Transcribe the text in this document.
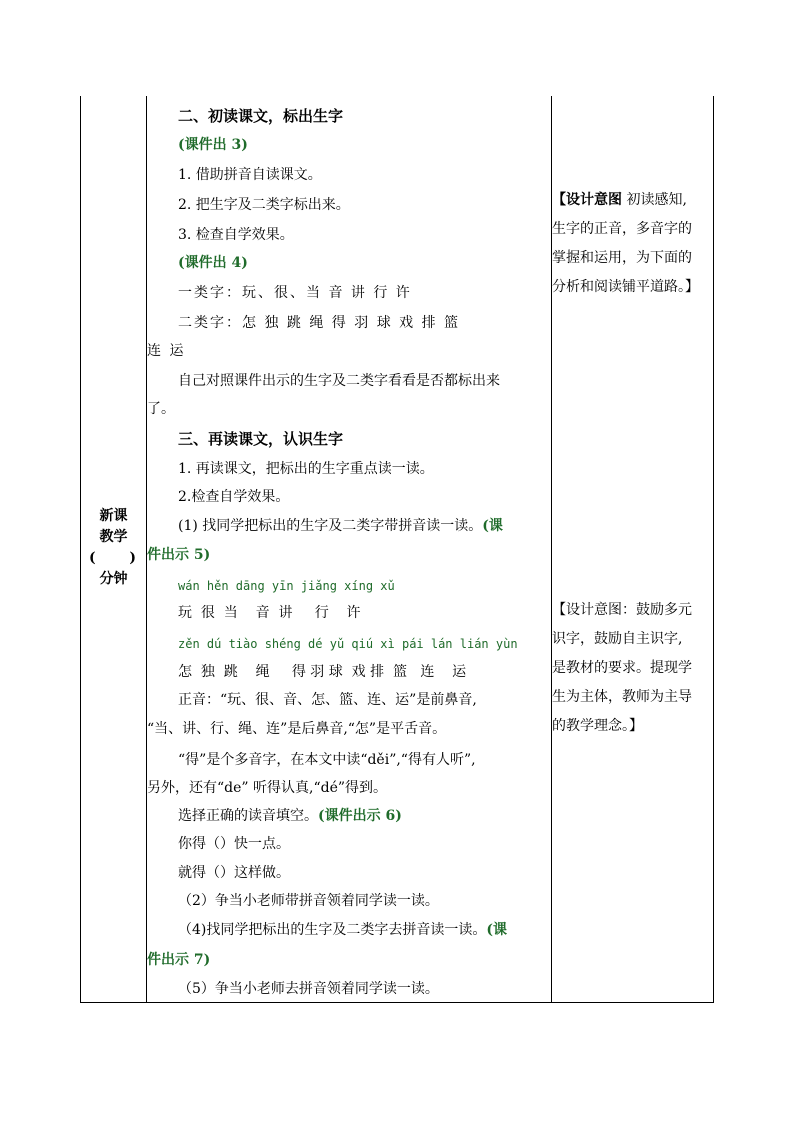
新课
教学
( )
分钟
二、初读课文，标出生字
(课件出 3)
1. 借助拼音自读课文。
2. 把生字及二类字标出来。
3. 检查自学效果。
(课件出 4)
一类字：玩、很、当 音 讲 行 许
二类字：怎 独 跳 绳 得 羽 球 戏 排 篮
连 运
自己对照课件出示的生字及二类字看看是否都标出来
了。
三、再读课文，认识生字
1. 再读课文，把标出的生字重点读一读。
2.检查自学效果。
(1) 找同学把标出的生字及二类字带拼音读一读。(课
件出示 5)
wán hěn dāng yīn jiǎng xíng xǔ
玩  很  当    音  讲     行    许
zěn dú tiào shéng dé yǔ qiú xì pái lán lián yùn
怎  独  跳    绳     得 羽 球  戏 排  篮   连    运
正音：“玩、很、音、怎、篮、连、运”是前鼻音,
“当、讲、行、绳、连”是后鼻音,“怎”是平舌音。
“得”是个多音字，在本文中读“děi”,“得有人听”,
另外，还有“de” 听得认真,“dé”得到。
选择正确的读音填空。(课件出示 6)
你得（）快一点。
就得（）这样做。
（2）争当小老师带拼音领着同学读一读。
（4)找同学把标出的生字及二类字去拼音读一读。(课
件出示 7)
（5）争当小老师去拼音领着同学读一读。
【设计意图 初读感知,
生字的正音，多音字的
掌握和运用，为下面的
分析和阅读铺平道路。】
【设计意图：鼓励多元
识字，鼓励自主识字,
是教材的要求。提现学
生为主体，教师为主导
的教学理念。】
